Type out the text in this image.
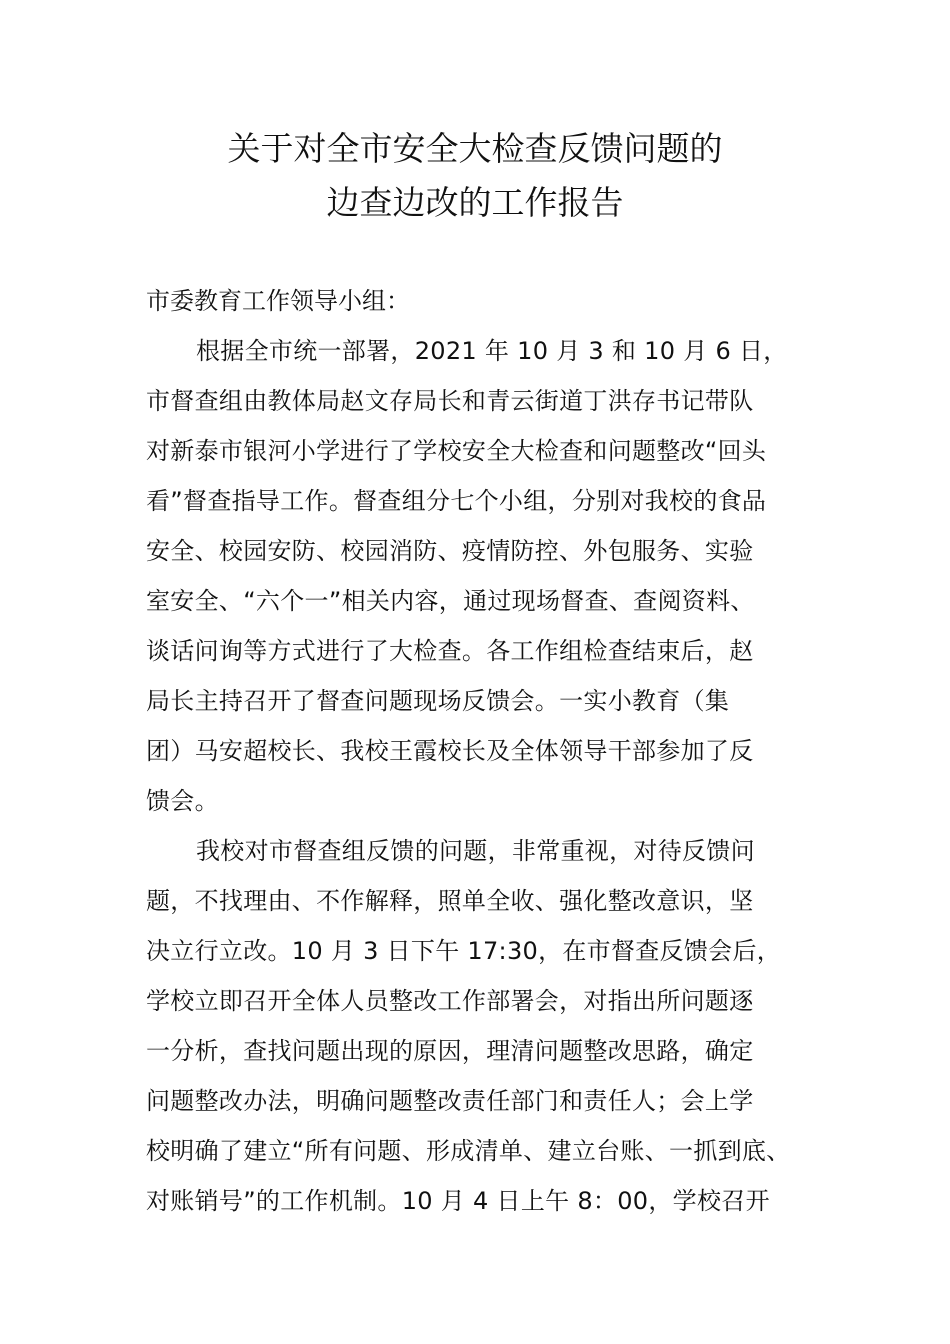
关于对全市安全大检查反馈问题的
边查边改的工作报告
市委教育工作领导小组：
根据全市统一部署，2021 年 10 月 3 和 10 月 6 日，
市督查组由教体局赵文存局长和青云街道丁洪存书记带队
对新泰市银河小学进行了学校安全大检查和问题整改“回头
看”督查指导工作。督查组分七个小组，分别对我校的食品
安全、校园安防、校园消防、疫情防控、外包服务、实验
室安全、“六个一”相关内容，通过现场督查、查阅资料、
谈话问询等方式进行了大检查。各工作组检查结束后，赵
局长主持召开了督查问题现场反馈会。一实小教育（集
团）马安超校长、我校王霞校长及全体领导干部参加了反
馈会。
我校对市督查组反馈的问题，非常重视，对待反馈问
题，不找理由、不作解释，照单全收、强化整改意识，坚
决立行立改。10 月 3 日下午 17:30，在市督查反馈会后，
学校立即召开全体人员整改工作部署会，对指出所问题逐
一分析，查找问题出现的原因，理清问题整改思路，确定
问题整改办法，明确问题整改责任部门和责任人；会上学
校明确了建立“所有问题、形成清单、建立台账、一抓到底、
对账销号”的工作机制。10 月 4 日上午 8：00，学校召开
